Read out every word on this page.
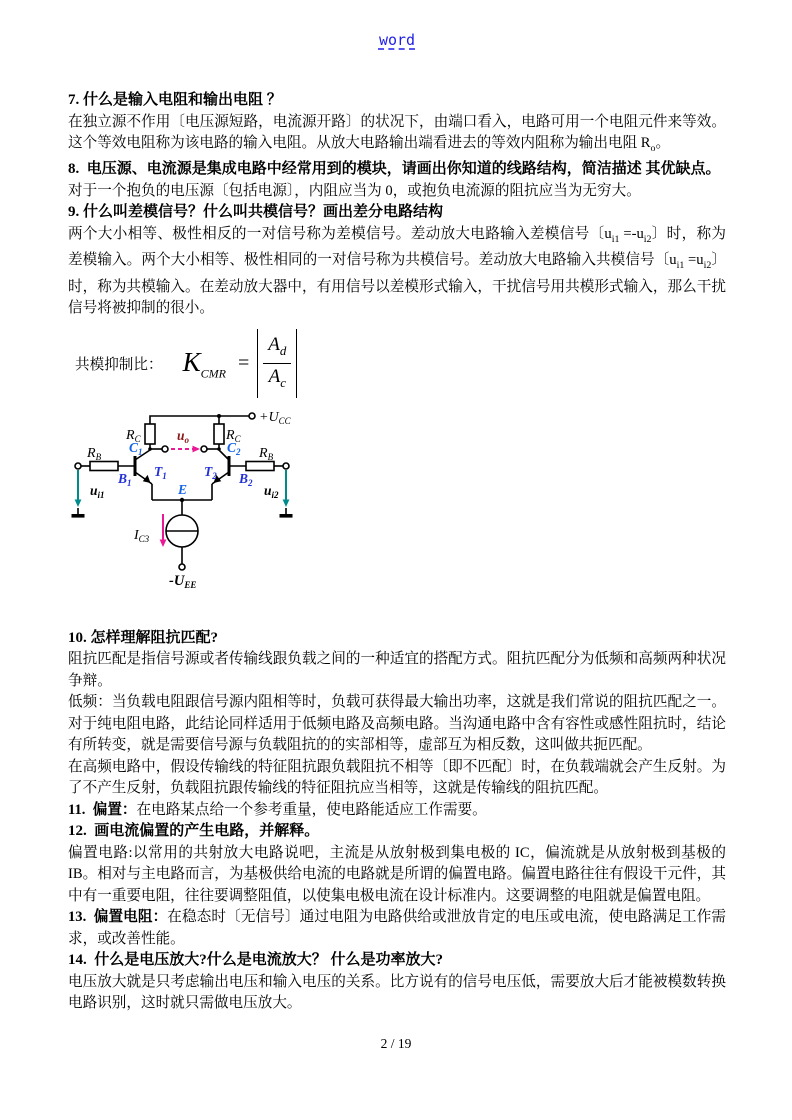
word
7. 什么是输入电阻和输出电阻 ？

在独立源不作用〔电压源短路，电流源开路〕的状况下，由端口看入，电路可用一个电阻元件来等效。这个等效电阻称为该电路的输入电阻。从放大电路输出端看进去的等效内阻称为输出电阻 $R_o$。

8.  电压源、电流源是集成电路中经常用到的模块，请画出你知道的线路结构，简洁描述 其优缺点。

对于一个抱负的电压源〔包括电源〕，内阻应当为 0，或抱负电流源的阻抗应当为无穷大。

9. 什么叫差模信号？什么叫共模信号？画出差分电路结构

两个大小相等、极性相反的一对信号称为差模信号。差动放大电路输入差模信号〔$u_{i1} =-u_{i2}$〕时，称为差模输入。两个大小相等、极性相同的一对信号称为共模信号。差动放大电路输入共模信号〔$u_{i1} =u_{i2}$〕时，称为共模输入。在差动放大器中，有用信号以差模形式输入，干扰信号用共模形式输入，那么干扰信号将被抑制的很小。

共模抑制比： $K_{CMR}$ =
$A_d$
$A_c$
$+U_{CC}$
$R_C$	$R_C$
$u_o$
$C_1$
$B_1$
$T_1$
$C_2$
$B_2$
$T_2$
$R_B$
$u_{i1}$
$R_B$
$u_{i2}$
E
$I_{C3}$
$-U_{EE}$
10. 怎样理解阻抗匹配?

阻抗匹配是指信号源或者传输线跟负载之间的一种适宜的搭配方式。阻抗匹配分为低频和高频两种状况争辩。

低频：当负载电阻跟信号源内阻相等时，负载可获得最大输出功率，这就是我们常说的阻抗匹配之一。对于纯电阻电路，此结论同样适用于低频电路及高频电路。当沟通电路中含有容性或感性阻抗时，结论有所转变，就是需要信号源与负载阻抗的的实部相等，虚部互为相反数，这叫做共扼匹配。

在高频电路中，假设传输线的特征阻抗跟负载阻抗不相等〔即不匹配〕时，在负载端就会产生反射。为了不产生反射，负载阻抗跟传输线的特征阻抗应当相等，这就是传输线的阻抗匹配。

11.  偏置：在电路某点给一个参考重量，使电路能适应工作需要。

12.  画电流偏置的产生电路，并解释。

偏置电路:以常用的共射放大电路说吧，主流是从放射极到集电极的 IC，偏流就是从放射极到基极的 IB。相对与主电路而言，为基极供给电流的电路就是所谓的偏置电路。偏置电路往往有假设干元件，其中有一重要电阻，往往要调整阻值，以使集电极电流在设计标准内。这要调整的电阻就是偏置电阻。

13.  偏置电阻：在稳态时〔无信号〕通过电阻为电路供给或泄放肯定的电压或电流，使电路满足工作需求，或改善性能。

14.  什么是电压放大?什么是电流放大？ 什么是功率放大?

电压放大就是只考虑输出电压和输入电压的关系。比方说有的信号电压低，需要放大后才能被模数转换电路识别，这时就只需做电压放大。

2 / 19
